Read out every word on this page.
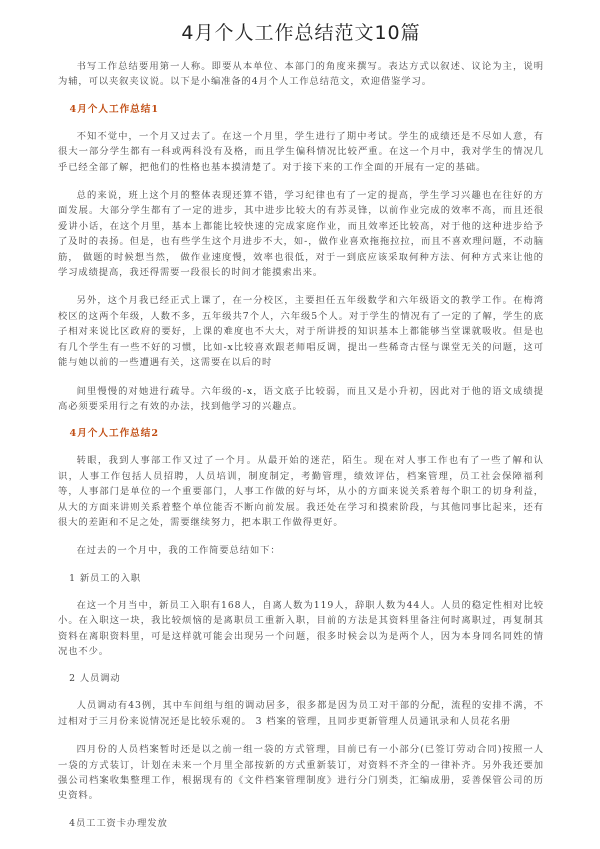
4月个人工作总结范文10篇

书写工作总结要用第一人称。即要从本单位、本部门的角度来撰写。表达方式以叙述、议论为主，说明为辅，可以夹叙夹议说。以下是小编准备的4月个人工作总结范文，欢迎借鉴学习。

4月个人工作总结1

不知不觉中，一个月又过去了。在这一个月里，学生进行了期中考试。学生的成绩还是不尽如人意，有很大一部分学生都有一科或两科没有及格，而且学生偏科情况比较严重。在这一个月中，我对学生的情况几乎已经全部了解，把他们的性格也基本摸清楚了。对于接下来的工作全面的开展有一定的基础。

总的来说，班上这个月的整体表现还算不错，学习纪律也有了一定的提高，学生学习兴趣也在往好的方面发展。大部分学生都有了一定的进步，其中进步比较大的有苏灵锋，以前作业完成的效率不高，而且还很爱讲小话，在这个月里，基本上都能比较快速的完成家庭作业，而且效率还比较高，对于他的这种进步给予了及时的表扬。但是，也有些学生这个月进步不大，如-，做作业喜欢拖拖拉拉，而且不喜欢理问题，不动脑筋， 做题的时候想当然， 做作业速度慢，效率也很低，对于一到底应该采取何种方法、何种方式来让他的学习成绩提高，我还得需要一段很长的时间才能摸索出来。

另外，这个月我已经正式上课了，在一分校区，主要担任五年级数学和六年级语文的教学工作。在梅湾校区的这两个年级，人数不多，五年级共7个人，六年级5个人。对于学生的情况有了一定的了解，学生的底子相对来说比区政府的要好，上课的难度也不大大，对于所讲授的知识基本上都能够当堂课就吸收。但是也有几个学生有一些不好的习惯，比如-x比较喜欢跟老师唱反调，提出一些稀奇古怪与课堂无关的问题，这可能与她以前的一些遭遇有关，这需要在以后的时

间里慢慢的对她进行疏导。六年级的-x，语文底子比较弱，而且又是小升初，因此对于他的语文成绩提高必须要采用行之有效的办法，找到他学习的兴趣点。

4月个人工作总结2

转眼，我到人事部工作又过了一个月。从最开始的迷茫，陌生。现在对人事工作也有了一些了解和认识，人事工作包括人员招聘，人员培训，制度制定，考勤管理，绩效评估，档案管理，员工社会保障福利等，人事部门是单位的一个重要部门，人事工作做的好与坏，从小的方面来说关系着每个职工的切身利益，从大的方面来讲则关系着整个单位能否不断向前发展。我还处在学习和摸索阶段，与其他同事比起来，还有很大的差距和不足之处，需要继续努力，把本职工作做得更好。

在过去的一个月中，我的工作简要总结如下：

1 新员工的入职

在这一个月当中，新员工入职有168人，自离人数为119人，辞职人数为44人。人员的稳定性相对比较小。在入职这一块，我比较烦恼的是离职员工重新入职，目前的方法是其资料里备注何时离职过，再复制其资料在离职资料里，可是这样就可能会出现另一个问题，很多时候会以为是两个人，因为本身同名同姓的情况也不少。

2 人员调动

人员调动有43例，其中车间组与组的调动居多，很多都是因为员工对干部的分配，流程的安排不满，不过相对于三月份来说情况还是比较乐观的。 3 档案的管理，且同步更新管理人员通讯录和人员花名册

四月份的人员档案暂时还是以之前一组一袋的方式管理，目前已有一小部分(已签订劳动合同)按照一人一袋的方式装订，计划在未来一个月里全部按新的方式重新装订，对资料不齐全的一律补齐。另外我还要加强公司档案收集整理工作，根据现有的《文件档案管理制度》进行分门别类，汇编成册，妥善保管公司的历史资料。

4员工工资卡办理发放
